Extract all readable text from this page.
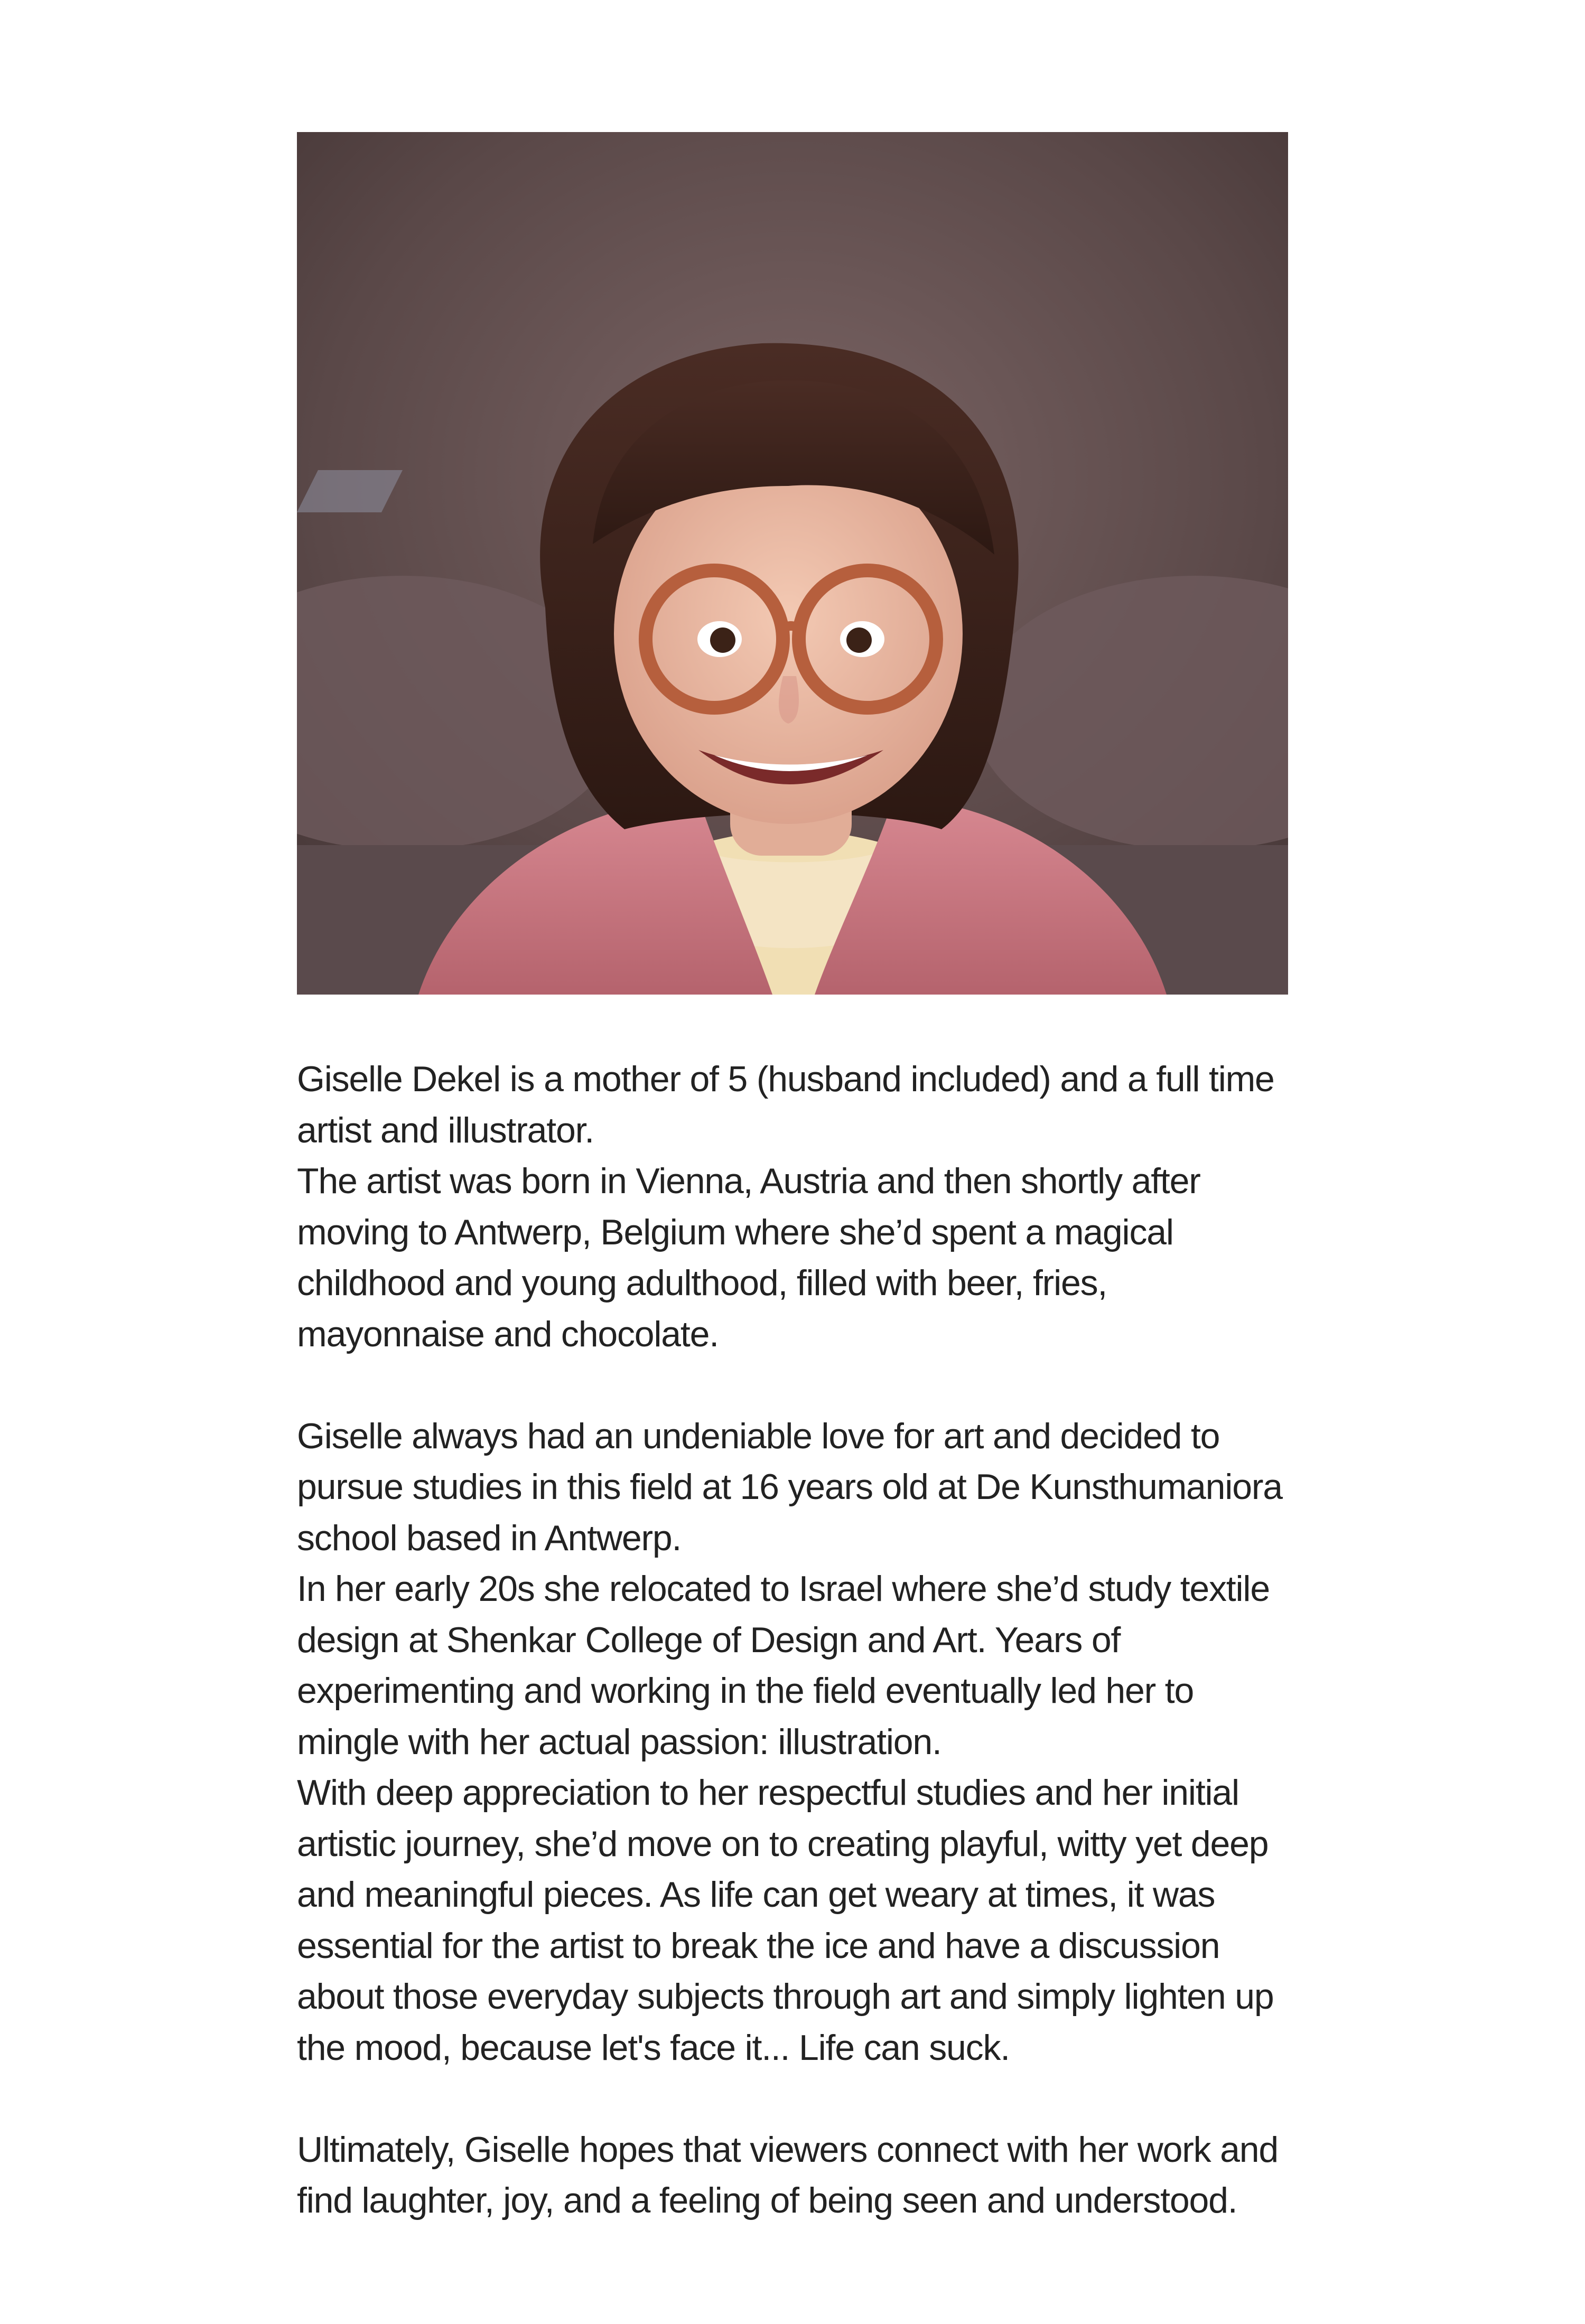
Giselle Dekel is a mother of 5 (husband included) and a full time artist and illustrator.

The artist was born in Vienna, Austria and then shortly after moving to Antwerp, Belgium where she’d spent a magical childhood and young adulthood, filled with beer, fries, mayonnaise and chocolate.

Giselle always had an undeniable love for art and decided to pursue studies in this field at 16 years old at De Kunsthumaniora school based in Antwerp.

In her early 20s she relocated to Israel where she’d study textile design at Shenkar College of Design and Art. Years of experimenting and working in the field eventually led her to mingle with her actual passion: illustration.

With deep appreciation to her respectful studies and her initial artistic journey, she’d move on to creating playful, witty yet deep and meaningful pieces. As life can get weary at times, it was essential for the artist to break the ice and have a discussion about those everyday subjects through art and simply lighten up the mood, because let's face it... Life can suck.

Ultimately, Giselle hopes that viewers connect with her work and find laughter, joy, and a feeling of being seen and understood.
